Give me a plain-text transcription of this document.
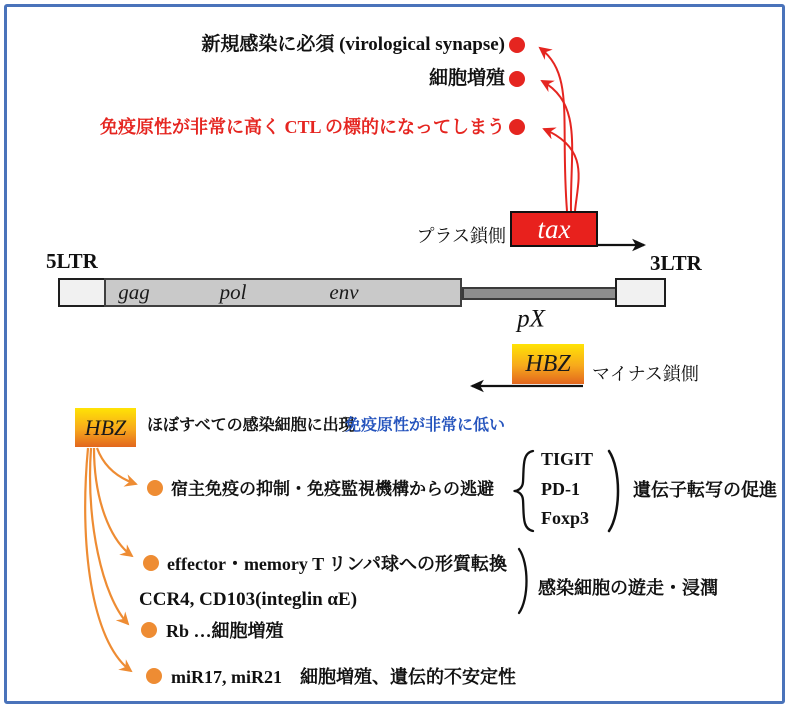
新規感染に必須 (virological synapse)
細胞増殖
免疫原性が非常に高く CTL の標的になってしまう
プラス鎖側 tax
5LTR	3LTR
gag	pol	env
pX
HBZ マイナス鎖側
HBZ ほぼすべての感染細胞に出現
免疫原性が非常に低い
宿主免疫の抑制・免疫監視機構からの逃避
TIGIT
PD-1
Foxp3
遺伝子転写の促進
effector・memory T リンパ球への形質転換
CCR4, CD103(integlin αE)
感染細胞の遊走・浸潤
Rb …細胞増殖
miR17, miR21　細胞増殖、遺伝的不安定性
